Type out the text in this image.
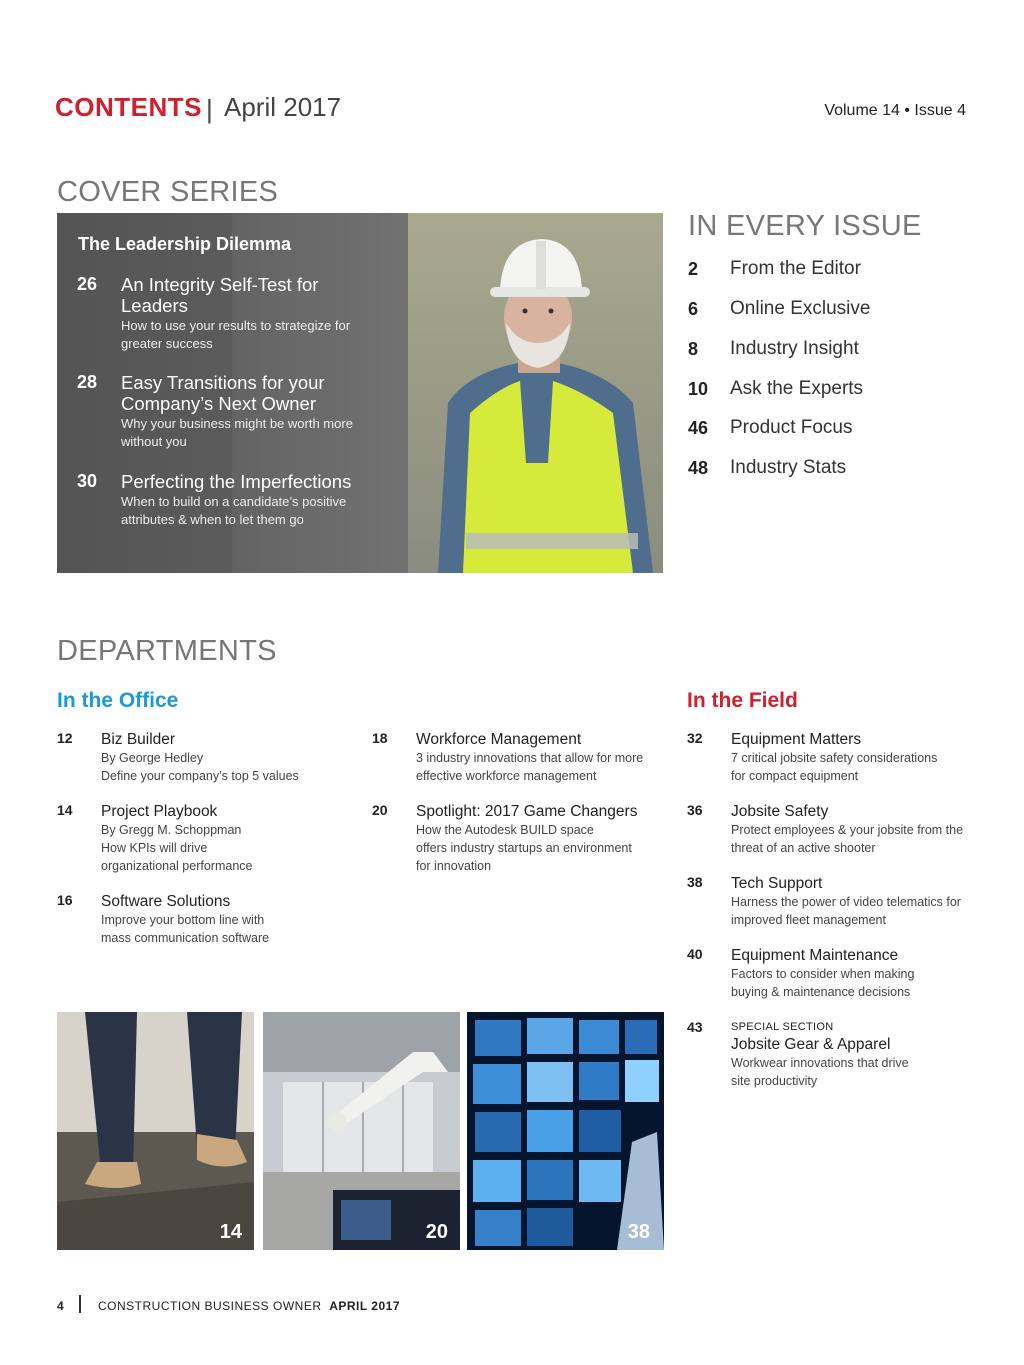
CONTENTS | April 2017	Volume 14 • Issue 4
COVER SERIES
The Leadership Dilemma
26 An Integrity Self-Test for Leaders
How to use your results to strategize for greater success
28 Easy Transitions for your Company’s Next Owner
Why your business might be worth more without you
30 Perfecting the Imperfections
When to build on a candidate’s positive attributes & when to let them go
IN EVERY ISSUE
2 From the Editor
6 Online Exclusive
8 Industry Insight
10 Ask the Experts
46 Product Focus
48 Industry Stats
DEPARTMENTS
In the Office	In the Field
12 Biz Builder
By George Hedley
Define your company’s top 5 values
14 Project Playbook
By Gregg M. Schoppman
How KPIs will drive
organizational performance
16 Software Solutions
Improve your bottom line with
mass communication software
18 Workforce Management
3 industry innovations that allow for more
effective workforce management
20 Spotlight: 2017 Game Changers
How the Autodesk BUILD space
offers industry startups an environment
for innovation
32 Equipment Matters
7 critical jobsite safety considerations
for compact equipment
36 Jobsite Safety
Protect employees & your jobsite from the
threat of an active shooter
38 Tech Support
Harness the power of video telematics for
improved fleet management
40 Equipment Maintenance
Factors to consider when making
buying & maintenance decisions
43	SPECIAL SECTION
Jobsite Gear & Apparel
Workwear innovations that drive
site productivity
14	20	38
4	CONSTRUCTION BUSINESS OWNER APRIL 2017
